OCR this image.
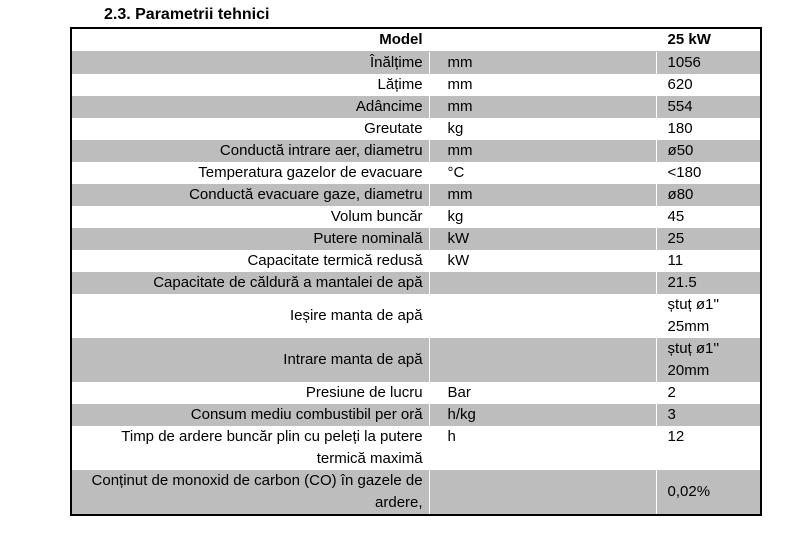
2.3. Parametrii tehnici
Model		25 kW
Înălțime	mm	1056
Lățime	mm	620
Adâncime	mm	554
Greutate	kg	180
Conductă intrare aer, diametru	mm	ø50
Temperatura gazelor de evacuare	°C	<180
Conductă evacuare gaze, diametru	mm	ø80
Volum buncăr	kg	45
Putere nominală	kW	25
Capacitate termică redusă	kW	11
Capacitate de căldură a mantalei de apă		21.5
Ieșire manta de apă		ștuț ø1'' 25mm
Intrare manta de apă		ștuț ø1'' 20mm
Presiune de lucru	Bar	2
Consum mediu combustibil per oră	h/kg	3
Timp de ardere buncăr plin cu peleți la putere termică maximă	h	12
Conținut de monoxid de carbon (CO) în gazele de ardere,		0,02%
